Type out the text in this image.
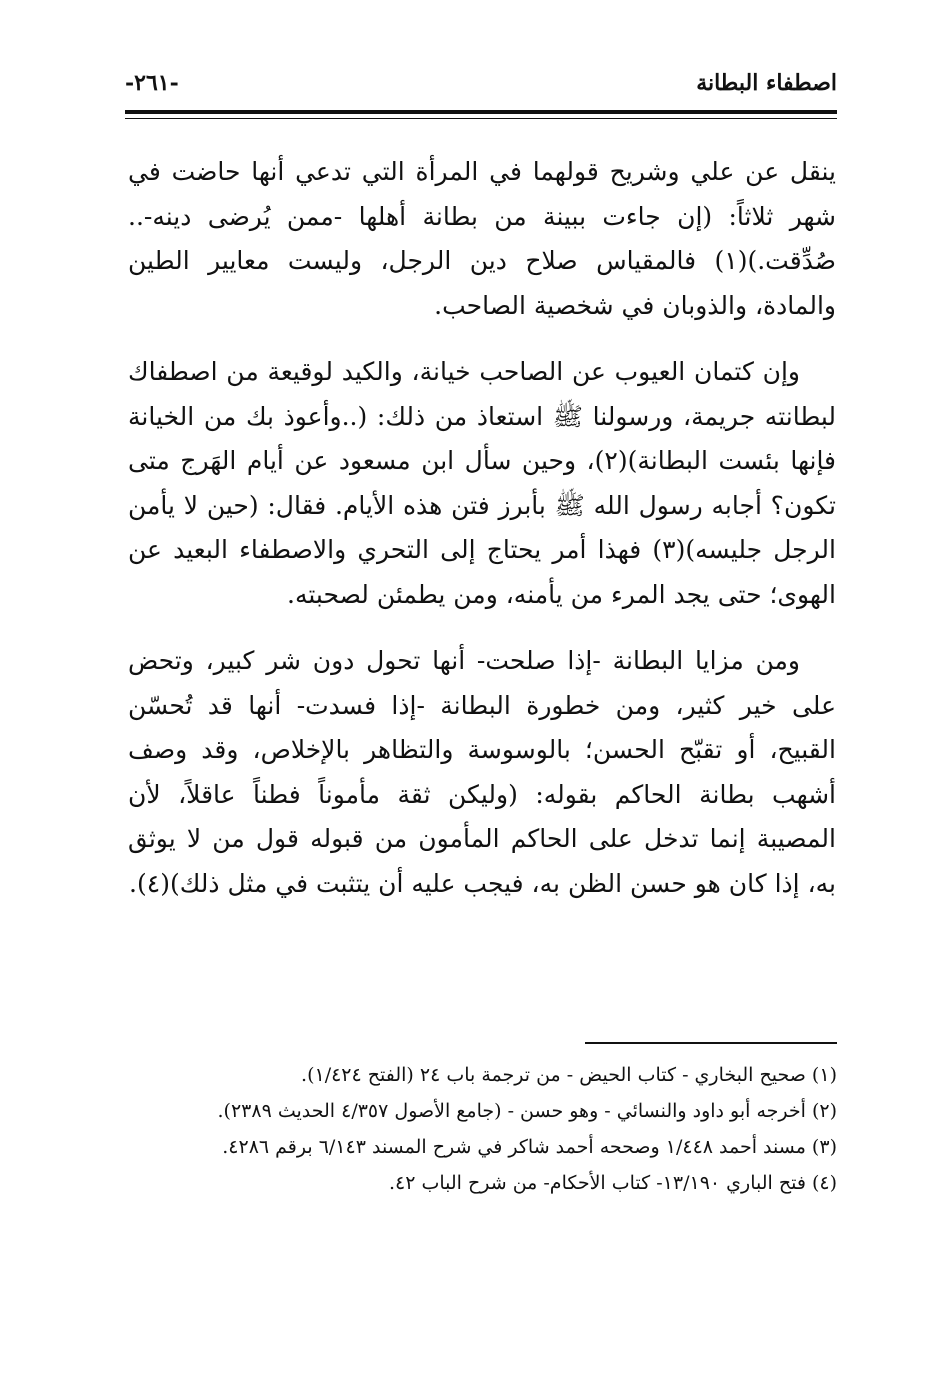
اصطفاء البطانة
-٢٦١-

ينقل عن علي وشريح قولهما في المرأة التي تدعي أنها حاضت في شهر ثلاثاً: (إن جاءت ببينة من بطانة أهلها -ممن يُرضى دينه-.. صُدِّقت.)(١) فالمقياس صلاح دين الرجل، وليست معايير الطين والمادة، والذوبان في شخصية الصاحب.

وإن كتمان العيوب عن الصاحب خيانة، والكيد لوقيعة من اصطفاك لبطانته جريمة، ورسولنا ﷺ استعاذ من ذلك: (..وأعوذ بك من الخيانة فإنها بئست البطانة)(٢)، وحين سأل ابن مسعود عن أيام الهَرج متى تكون؟ أجابه رسول الله ﷺ بأبرز فتن هذه الأيام. فقال: (حين لا يأمن الرجل جليسه)(٣) فهذا أمر يحتاج إلى التحري والاصطفاء البعيد عن الهوى؛ حتى يجد المرء من يأمنه، ومن يطمئن لصحبته.

ومن مزايا البطانة -إذا صلحت- أنها تحول دون شر كبير، وتحض على خير كثير، ومن خطورة البطانة -إذا فسدت- أنها قد تُحسّن القبيح، أو تقبّح الحسن؛ بالوسوسة والتظاهر بالإخلاص، وقد وصف أشهب بطانة الحاكم بقوله: (وليكن ثقة مأموناً فطناً عاقلاً، لأن المصيبة إنما تدخل على الحاكم المأمون من قبوله قول من لا يوثق به، إذا كان هو حسن الظن به، فيجب عليه أن يتثبت في مثل ذلك)(٤).

(١) صحيح البخاري - كتاب الحيض - من ترجمة باب ٢٤ (الفتح ١/٤٢٤).

(٢) أخرجه أبو داود والنسائي - وهو حسن - (جامع الأصول ٤/٣٥٧ الحديث ٢٣٨٩).

(٣) مسند أحمد ١/٤٤٨ وصححه أحمد شاكر في شرح المسند ٦/١٤٣ برقم ٤٢٨٦.

(٤) فتح الباري ١٣/١٩٠- كتاب الأحكام- من شرح الباب ٤٢.
